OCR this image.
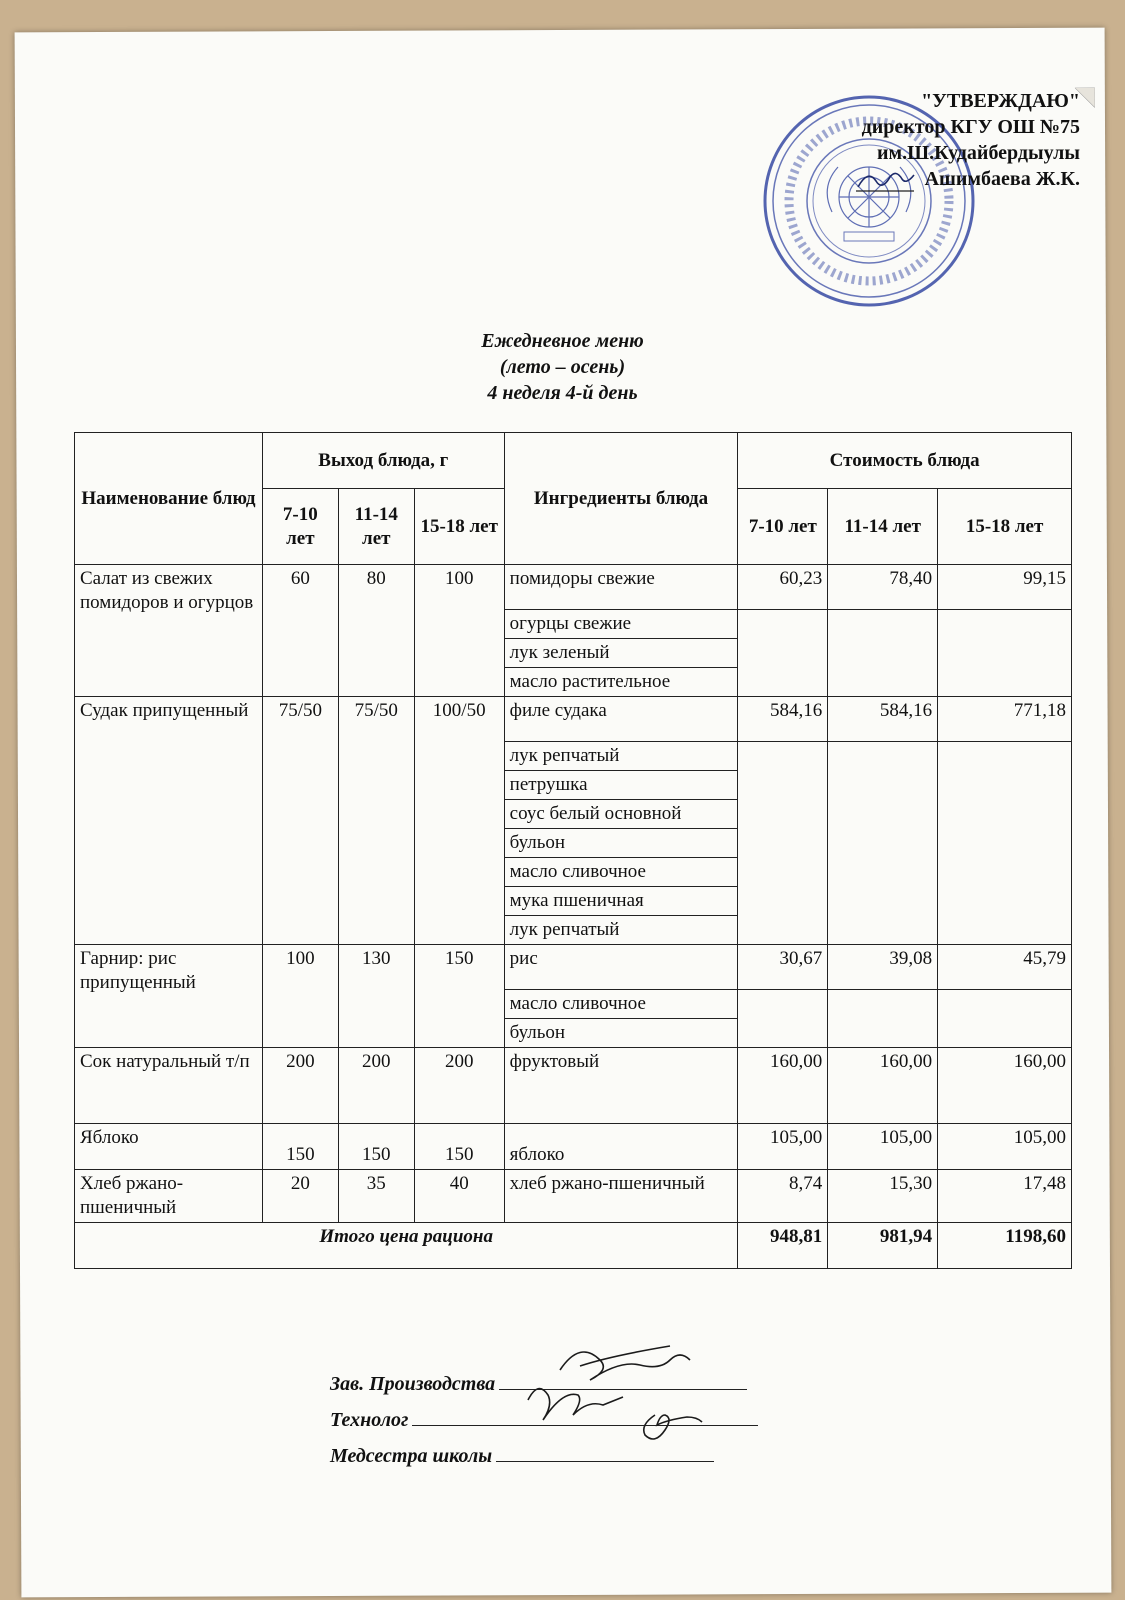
"УТВЕРЖДАЮ"
директор КГУ ОШ №75
им.Ш.Кудайбердыулы
Ашимбаева Ж.К.
Ежедневное меню
(лето – осень)
4 неделя 4-й день
Наименование блюд	Выход блюда, г			Ингредиенты блюда	Стоимость блюда		
	7-10 лет	11-14 лет	15-18 лет		7-10 лет	11-14 лет	15-18 лет
Салат из свежих помидоров и огурцов	60	80	100	помидоры свежие	60,23	78,40	99,15
				огурцы свежие			
				лук зеленый			
				масло растительное			
Судак припущенный	75/50	75/50	100/50	филе судака	584,16	584,16	771,18
				лук репчатый			
				петрушка			
				соус белый основной			
				бульон			
				масло сливочное			
				мука пшеничная			
				лук репчатый			
Гарнир: рис припущенный	100	130	150	рис	30,67	39,08	45,79
				масло сливочное			
				бульон			
Сок натуральный т/п	200	200	200	фруктовый	160,00	160,00	160,00
Яблоко	150	150	150	яблоко	105,00	105,00	105,00
Хлеб ржано-пшеничный	20	35	40	хлеб ржано-пшеничный	8,74	15,30	17,48
Итого цена рациона					948,81	981,94	1198,60
Зав. Производства
Технолог
Медсестра школы
